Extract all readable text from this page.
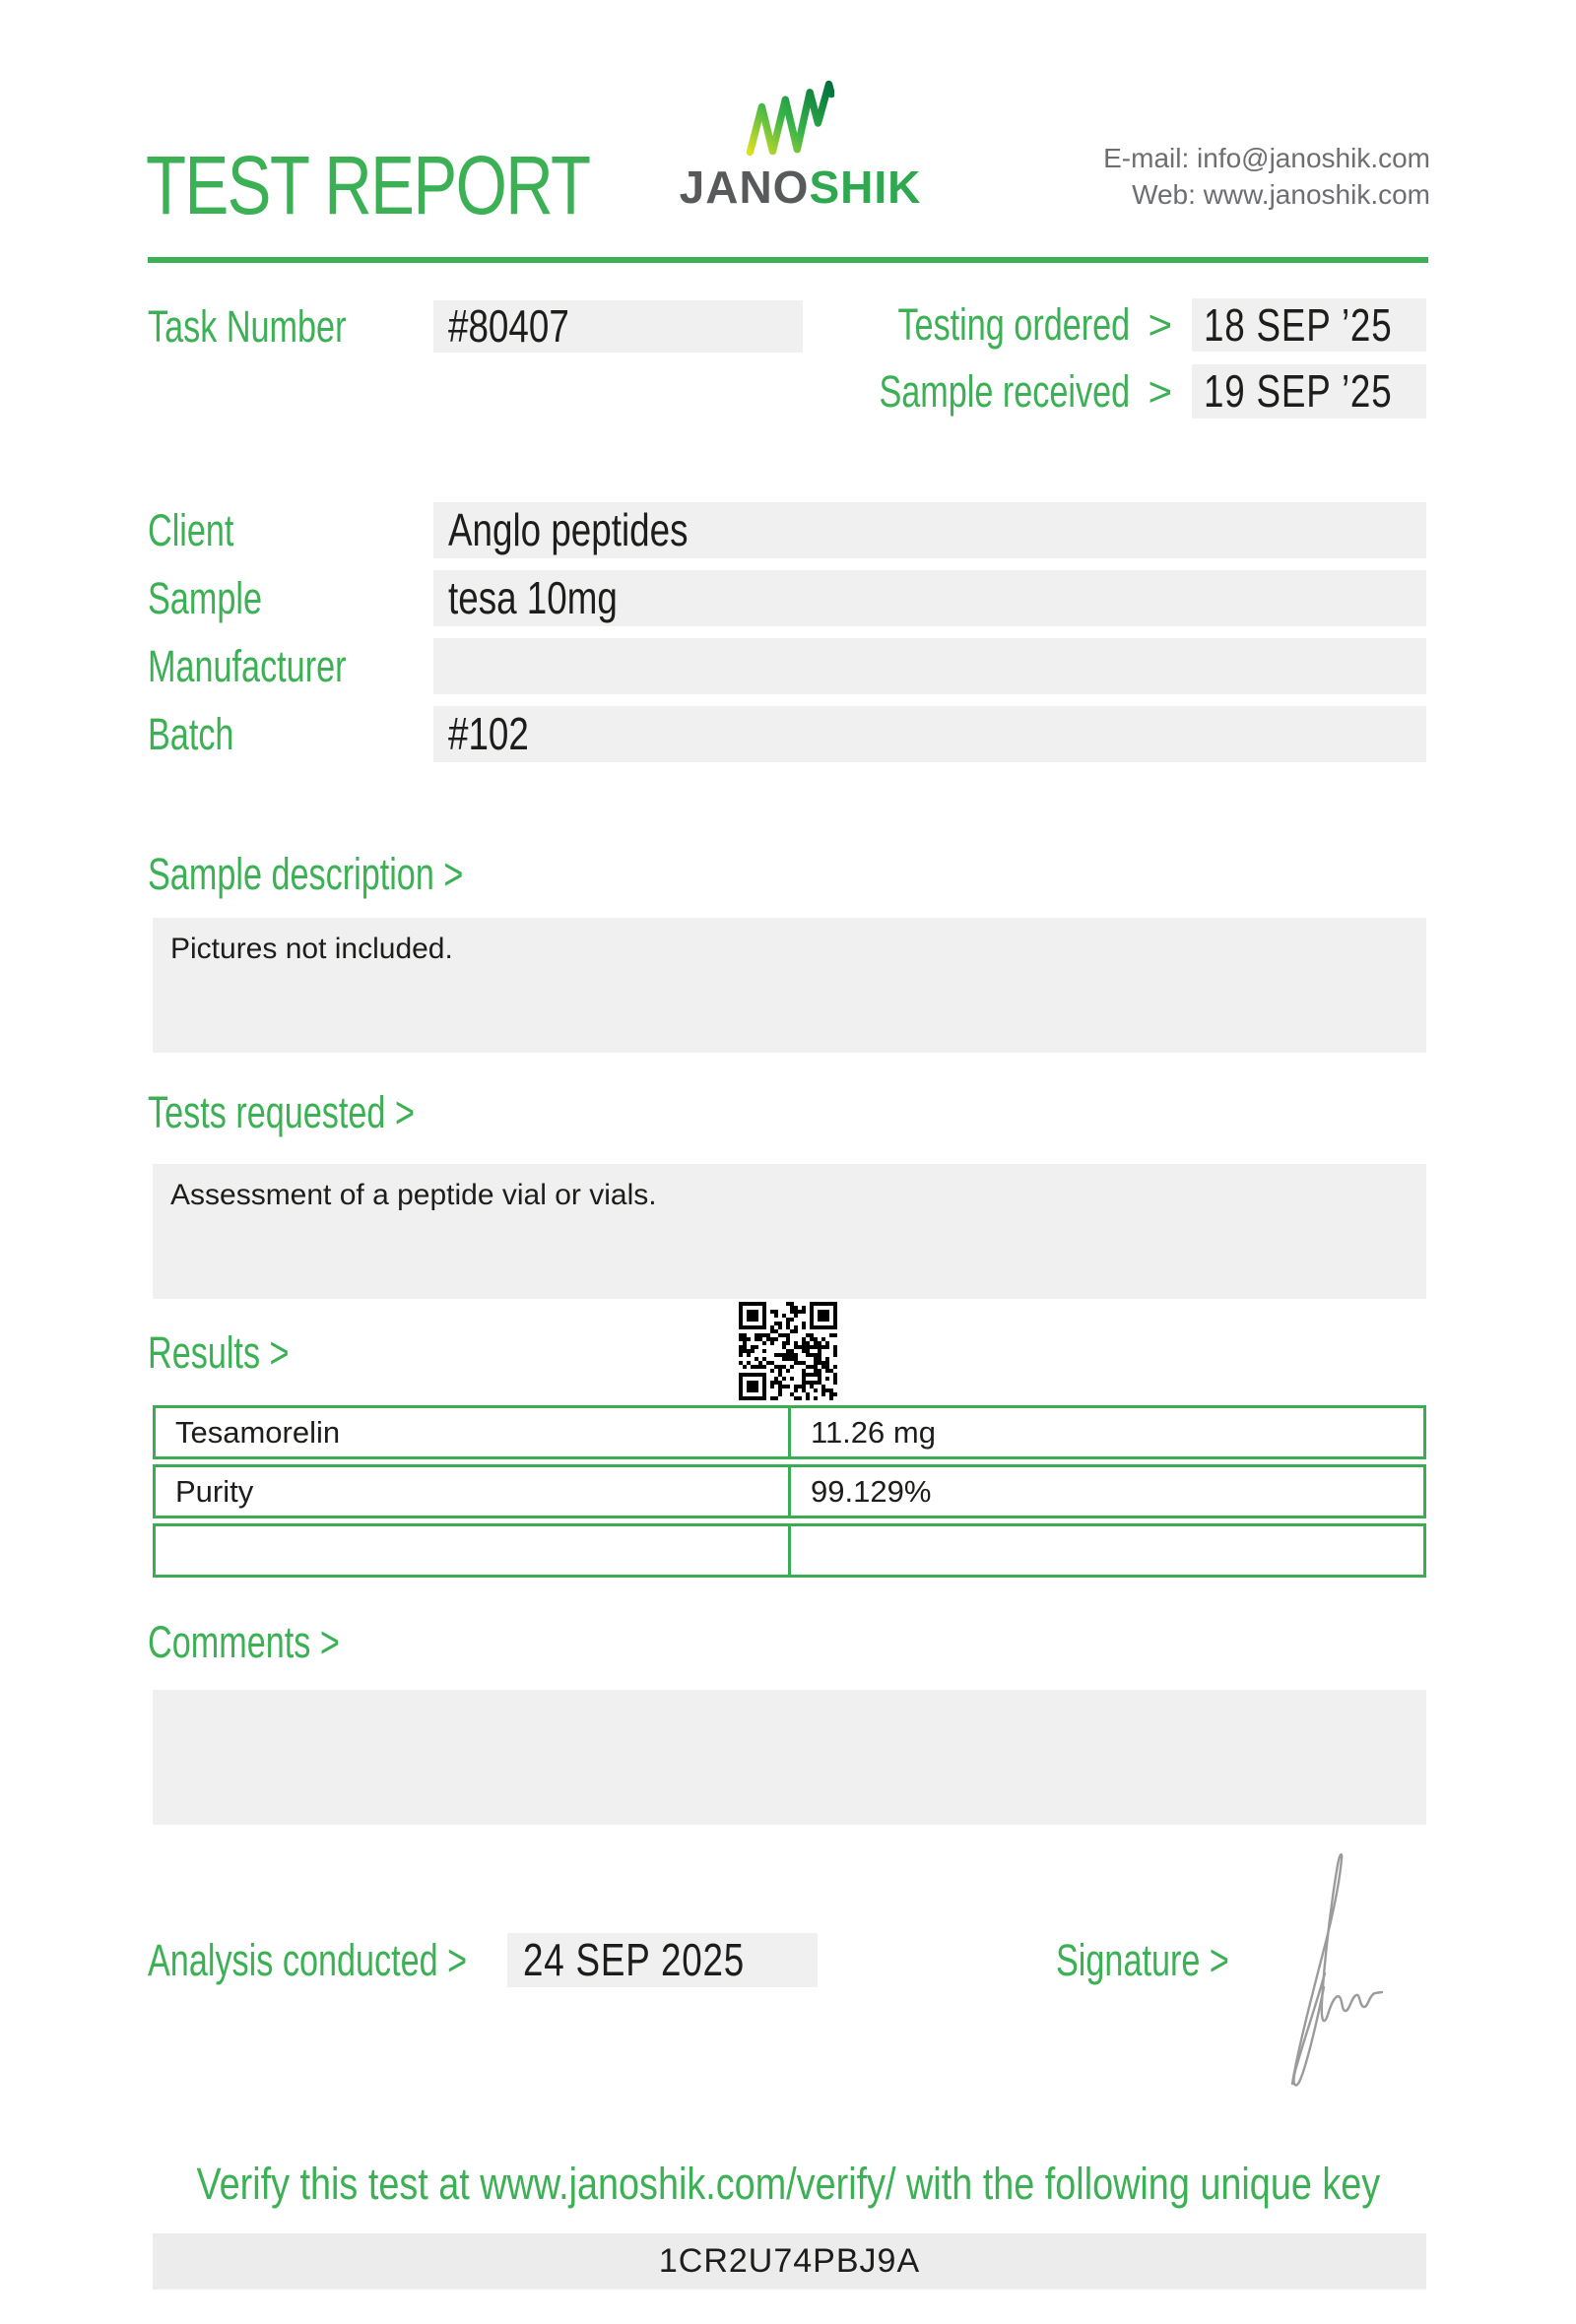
TEST REPORT JANOSHIK
E-mail: info@janoshik.com
Web: www.janoshik.com
Task Number	#80407	Testing ordered > 18 SEP ’25
Sample received > 19 SEP ’25
Client	Anglo peptides
Sample	tesa 10mg
Manufacturer
Batch	#102
Sample description >
Pictures not included.
Tests requested >
Assessment of a peptide vial or vials.
Results >
Tesamorelin	11.26 mg
Purity	99.129%
Comments >
Analysis conducted >	24 SEP 2025	Signature >
Verify this test at www.janoshik.com/verify/ with the following unique key
1CR2U74PBJ9A
